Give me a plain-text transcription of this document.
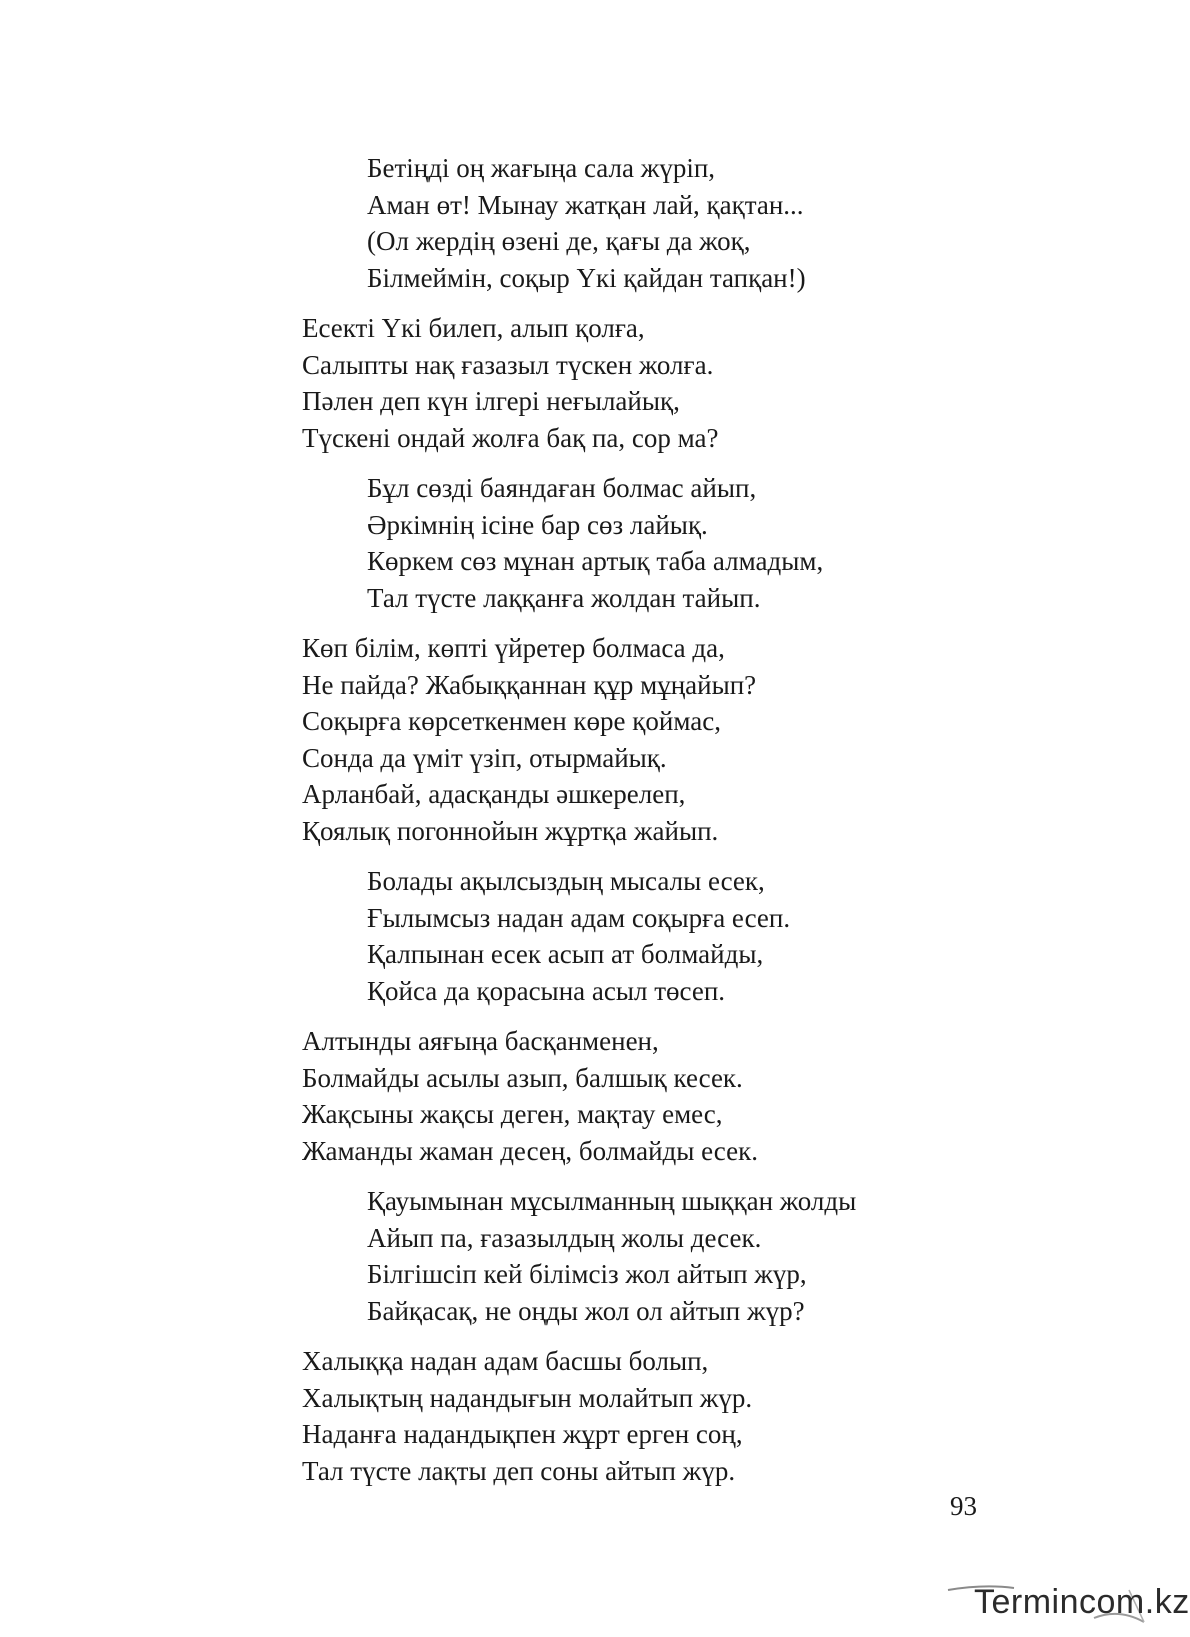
Бетіңді оң жағыңа сала жүріп,
Аман өт! Мынау жатқан лай, қақтан...
(Ол жердің өзені де, қағы да жоқ,
Білмеймін, соқыр Үкі қайдан тапқан!)
Есекті Үкі билеп, алып қолға,
Салыпты нақ ғазазыл түскен жолға.
Пәлен деп күн ілгері неғылайық,
Түскені ондай жолға бақ па, сор ма?
Бұл сөзді баяндаған болмас айып,
Әркімнің ісіне бар сөз лайық.
Көркем сөз мұнан артық таба алмадым,
Тал түсте лаққанға жолдан тайып.
Көп білім, көпті үйретер болмаса да,
Не пайда? Жабыққаннан құр мұңайып?
Соқырға көрсеткенмен көре қоймас,
Сонда да үміт үзіп, отырмайық.
Арланбай, адасқанды әшкерелеп,
Қоялық погоннойын жұртқа жайып.
Болады ақылсыздың мысалы есек,
Ғылымсыз надан адам соқырға есеп.
Қалпынан есек асып ат болмайды,
Қойса да қорасына асыл төсеп.
Алтынды аяғыңа басқанменен,
Болмайды асылы азып, балшық кесек.
Жақсыны жақсы деген, мақтау емес,
Жаманды жаман десең, болмайды есек.
Қауымынан мұсылманның шыққан жолды
Айып па, ғазазылдың жолы десек.
Білгішсіп кей білімсіз жол айтып жүр,
Байқасақ, не оңды жол ол айтып жүр?
Халыққа надан адам басшы болып,
Халықтың надандығын молайтып жүр.
Наданға надандықпен жұрт ерген соң,
Тал түсте лақты деп соны айтып жүр.
93
Termincom.kz
